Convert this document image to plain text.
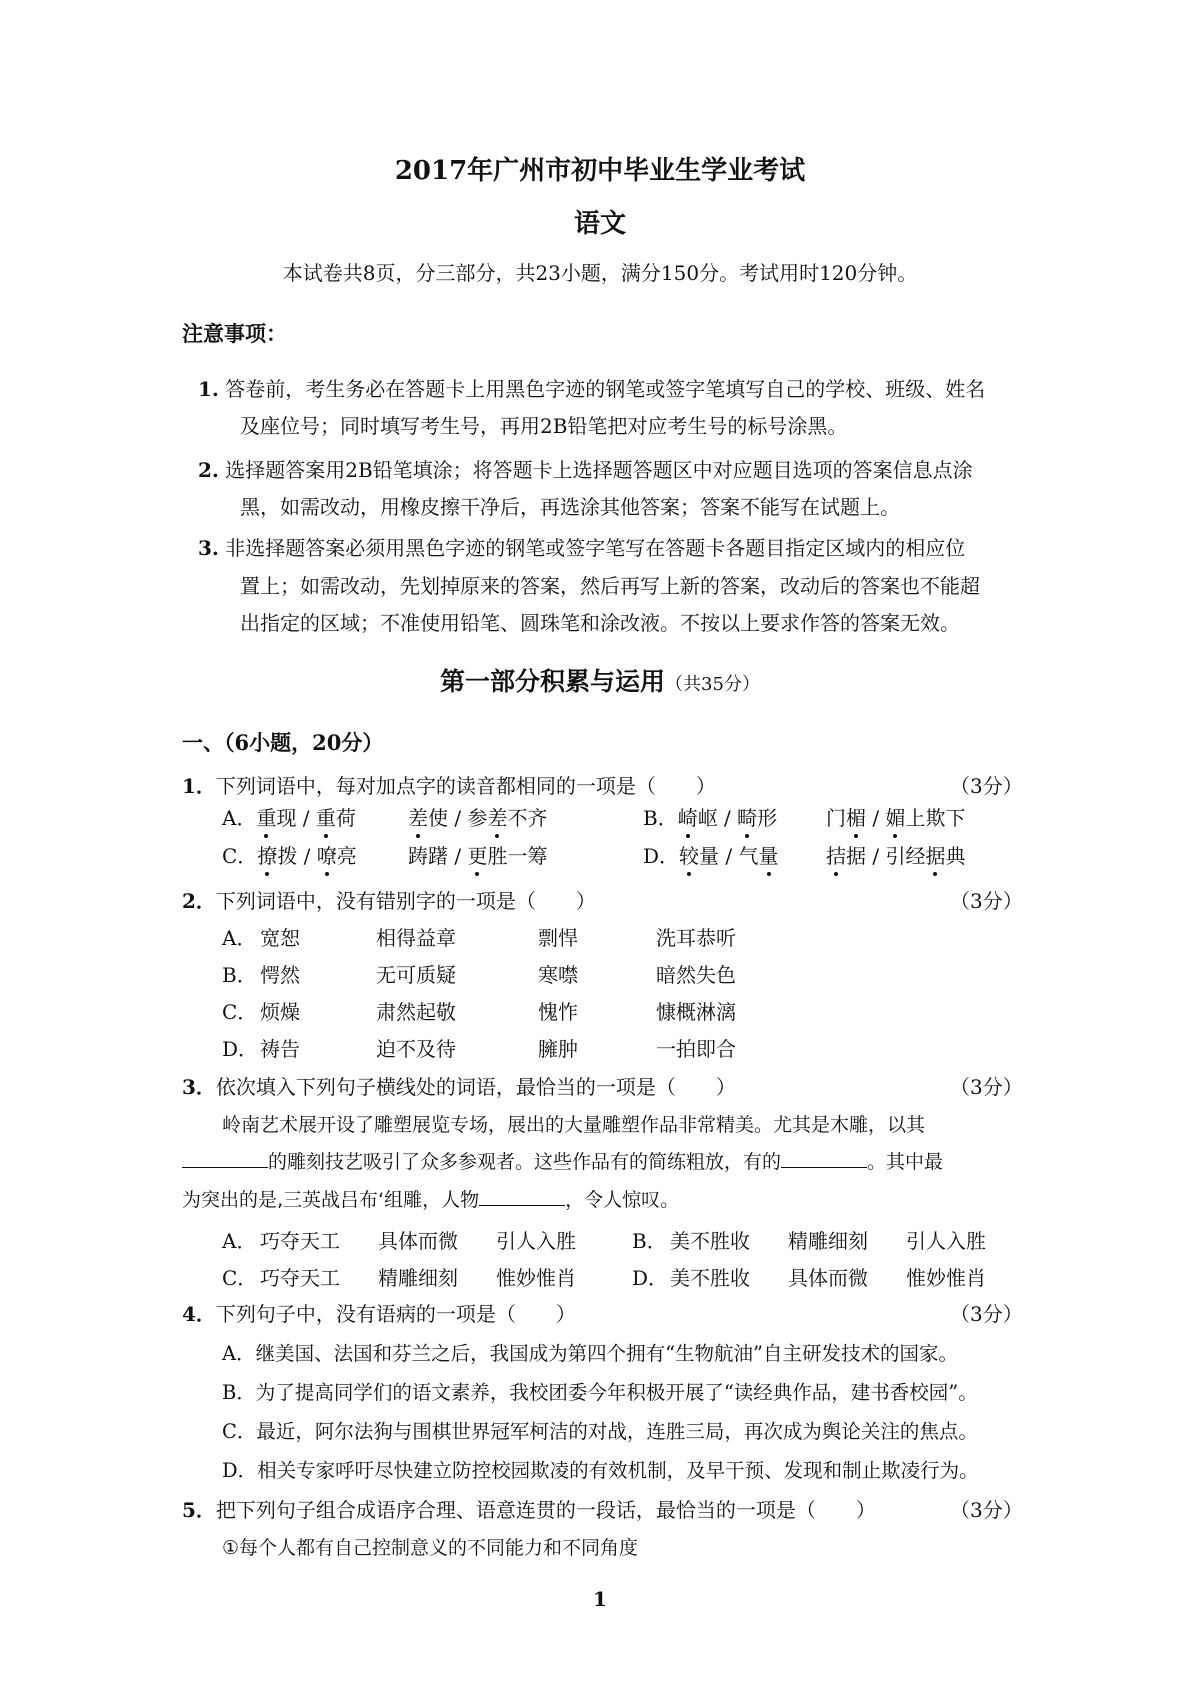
2017年广州市初中毕业生学业考试
语文
本试卷共8页，分三部分，共23小题，满分150分。考试用时120分钟。
注意事项：
1. 答卷前，考生务必在答题卡上用黑色字迹的钢笔或签字笔填写自己的学校、班级、姓名
及座位号；同时填写考生号，再用2B铅笔把对应考生号的标号涂黑。
2. 选择题答案用2B铅笔填涂；将答题卡上选择题答题区中对应题目选项的答案信息点涂
黑，如需改动，用橡皮擦干净后，再选涂其他答案；答案不能写在试题上。
3. 非选择题答案必须用黑色字迹的钢笔或签字笔写在答题卡各题目指定区域内的相应位
置上；如需改动，先划掉原来的答案，然后再写上新的答案，改动后的答案也不能超
出指定的区域；不准使用铅笔、圆珠笔和涂改液。不按以上要求作答的答案无效。
第一部分积累与运用（共35分）
一、（6小题，20分）
1．下列词语中，每对加点字的读音都相同的一项是（　　）	（3分）
A．重现 / 重荷	差使 / 参差不齐	B．崎岖 / 畸形 门楣 / 媚上欺下
C．撩拨 / 嘹亮	踌躇 / 更胜一筹	D．较量 / 气量 拮据 / 引经据典
2．下列词语中，没有错别字的一项是（　　）	（3分）
A． 宽恕	相得益章	剽悍	洗耳恭听
B． 愕然	无可质疑	寒噤	暗然失色
C． 烦燥	肃然起敬	愧怍	慷概淋漓
D． 祷告	迫不及待	臃肿	一拍即合
3．依次填入下列句子横线处的词语，最恰当的一项是（　　）	（3分）
岭南艺术展开设了雕塑展览专场，展出的大量雕塑作品非常精美。尤其是木雕，以其
的雕刻技艺吸引了众多参观者。这些作品有的简练粗放，有的	。其中最
为突出的是‚三英战吕布‘组雕，人物	，令人惊叹。
A． 巧夺天工 具体而微 引人入胜	B． 美不胜收 精雕细刻 引人入胜
C． 巧夺天工 精雕细刻 惟妙惟肖	D． 美不胜收 具体而微 惟妙惟肖
4．下列句子中，没有语病的一项是（　　）	（3分）
A．继美国、法国和芬兰之后，我国成为第四个拥有“生物航油”自主研发技术的国家。
B．为了提高同学们的语文素养，我校团委今年积极开展了“读经典作品，建书香校园”。
C．最近，阿尔法狗与围棋世界冠军柯洁的对战，连胜三局，再次成为舆论关注的焦点。
D．相关专家呼吁尽快建立防控校园欺凌的有效机制，及早干预、发现和制止欺凌行为。
5．把下列句子组合成语序合理、语意连贯的一段话，最恰当的一项是（　　）	（3分）
①每个人都有自己控制意义的不同能力和不同角度
1
